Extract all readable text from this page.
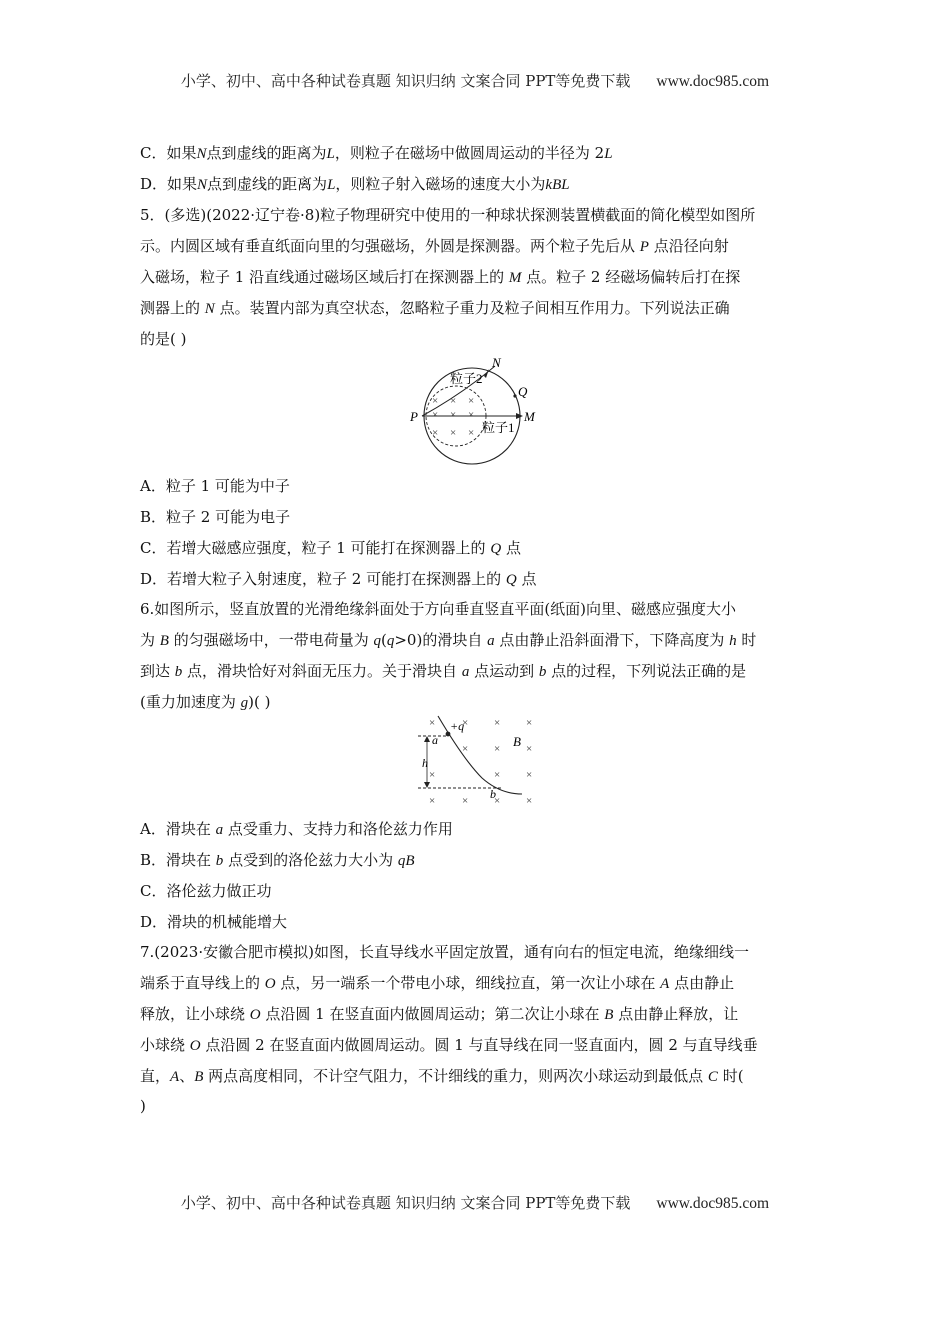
小学、初中、高中各种试卷真题 知识归纳 文案合同 PPT等免费下载 www.doc985.com
C．如果N点到虚线的距离为L，则粒子在磁场中做圆周运动的半径为 2L
D．如果N点到虚线的距离为L，则粒子射入磁场的速度大小为kBL
5．(多选)(2022·辽宁卷·8)粒子物理研究中使用的一种球状探测装置横截面的简化模型如图所
示。内圆区域有垂直纸面向里的匀强磁场，外圆是探测器。两个粒子先后从 P 点沿径向射
入磁场，粒子 1 沿直线通过磁场区域后打在探测器上的 M 点。粒子 2 经磁场偏转后打在探
测器上的 N 点。装置内部为真空状态，忽略粒子重力及粒子间相互作用力。下列说法正确
的是( )
N
Q
P	M
粒子2
粒子1
× × ×
× × ×
× × ×
A．粒子 1 可能为中子
B．粒子 2 可能为电子
C．若增大磁感应强度，粒子 1 可能打在探测器上的 Q 点
D．若增大粒子入射速度，粒子 2 可能打在探测器上的 Q 点
6.如图所示，竖直放置的光滑绝缘斜面处于方向垂直竖直平面(纸面)向里、磁感应强度大小
为 B 的匀强磁场中，一带电荷量为 q(q>0)的滑块自 a 点由静止沿斜面滑下，下降高度为 h 时
到达 b 点，滑块恰好对斜面无压力。关于滑块自 a 点运动到 b 点的过程，下列说法正确的是
(重力加速度为 g)( )
+q
a
b
h
B
× × × ×
× × ×
×	× ×
× × × ×
A．滑块在 a 点受重力、支持力和洛伦兹力作用
B．滑块在 b 点受到的洛伦兹力大小为 qB
C．洛伦兹力做正功
D．滑块的机械能增大
7.(2023·安徽合肥市模拟)如图，长直导线水平固定放置，通有向右的恒定电流，绝缘细线一
端系于直导线上的 O 点，另一端系一个带电小球，细线拉直，第一次让小球在 A 点由静止
释放，让小球绕 O 点沿圆 1 在竖直面内做圆周运动；第二次让小球在 B 点由静止释放，让
小球绕 O 点沿圆 2 在竖直面内做圆周运动。圆 1 与直导线在同一竖直面内，圆 2 与直导线垂
直，A、B 两点高度相同，不计空气阻力，不计细线的重力，则两次小球运动到最低点 C 时(
)
小学、初中、高中各种试卷真题 知识归纳 文案合同 PPT等免费下载 www.doc985.com
